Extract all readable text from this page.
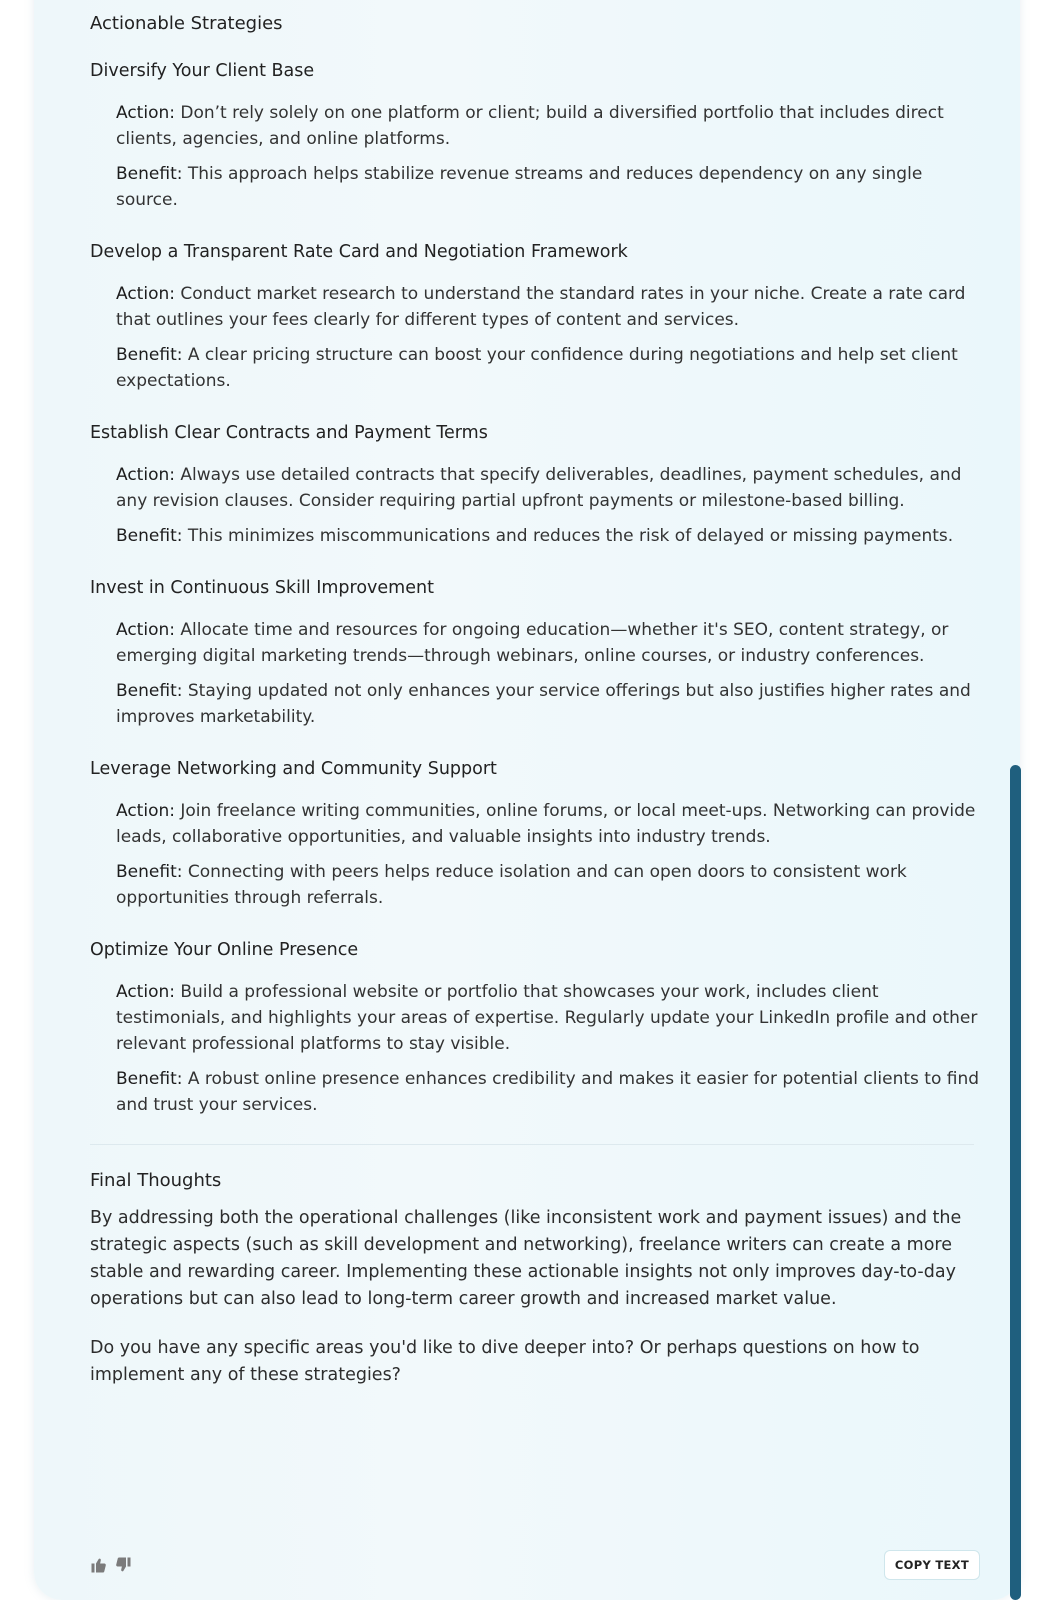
Actionable Strategies
Diversify Your Client Base
Action: Don’t rely solely on one platform or client; build a diversified portfolio that includes direct clients, agencies, and online platforms.
Benefit: This approach helps stabilize revenue streams and reduces dependency on any single source.
Develop a Transparent Rate Card and Negotiation Framework
Action: Conduct market research to understand the standard rates in your niche. Create a rate card that outlines your fees clearly for different types of content and services.
Benefit: A clear pricing structure can boost your confidence during negotiations and help set client expectations.
Establish Clear Contracts and Payment Terms
Action: Always use detailed contracts that specify deliverables, deadlines, payment schedules, and any revision clauses. Consider requiring partial upfront payments or milestone-based billing.
Benefit: This minimizes miscommunications and reduces the risk of delayed or missing payments.
Invest in Continuous Skill Improvement
Action: Allocate time and resources for ongoing education—whether it's SEO, content strategy, or emerging digital marketing trends—through webinars, online courses, or industry conferences.
Benefit: Staying updated not only enhances your service offerings but also justifies higher rates and improves marketability.
Leverage Networking and Community Support
Action: Join freelance writing communities, online forums, or local meet-ups. Networking can provide leads, collaborative opportunities, and valuable insights into industry trends.
Benefit: Connecting with peers helps reduce isolation and can open doors to consistent work opportunities through referrals.
Optimize Your Online Presence
Action: Build a professional website or portfolio that showcases your work, includes client testimonials, and highlights your areas of expertise. Regularly update your LinkedIn profile and other relevant professional platforms to stay visible.
Benefit: A robust online presence enhances credibility and makes it easier for potential clients to find and trust your services.
Final Thoughts

By addressing both the operational challenges (like inconsistent work and payment issues) and the strategic aspects (such as skill development and networking), freelance writers can create a more stable and rewarding career. Implementing these actionable insights not only improves day-to-day operations but can also lead to long-term career growth and increased market value.

Do you have any specific areas you'd like to dive deeper into? Or perhaps questions on how to implement any of these strategies?

COPY TEXT
